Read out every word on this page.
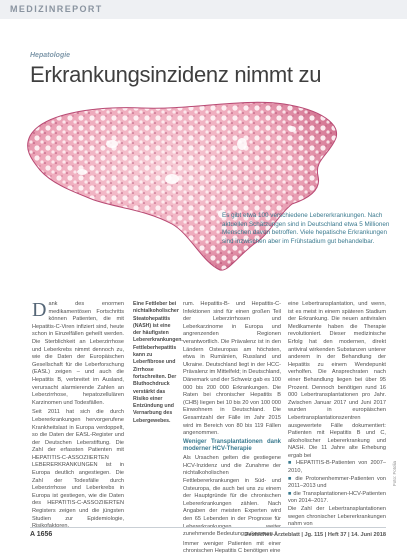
MEDIZINREPORT
Hepatologie
Erkrankungsinzidenz nimmt zu
Es gibt etwa 100 verschiedene Lebererkrankungen. Nach aktuellen Schätzungen sind in Deutschland etwa 5 Millionen Menschen davon betroffen. Viele hepatische Erkrankungen sind inzwischen aber im Frühstadium gut behandelbar.
D ank des enormen medikamentösen Fortschritts können Patienten, die mit Hepatitis-C-Viren infiziert sind, heute schon in Einzelfällen geheilt werden. Die Sterblichkeit an Leberzirrhose und Leberkrebs nimmt dennoch zu, wie die Daten der Europäischen Gesellschaft für die Leberforschung (EASL) zeigen – und auch die Hepatitis B, verbreitet im Ausland, verursacht alarmierende Zahlen an Leberzirrhose, hepatozellulären Karzinomen und Todesfällen.
Seit 2011 hat sich die durch Lebererkrankungen hervorgerufene Krankheitslast in Europa verdoppelt, so die Daten der EASL-Register und der Deutschen Leberstiftung. Die Zahl der erfassten Patienten mit HEPATITIS-C-ASSOZIIERTEN LEBERERKRANKUNGEN ist in Europa deutlich angestiegen. Die Zahl der Todesfälle durch Leberzirrhose und Leberkrebs in Europa ist gestiegen, wie die Daten des HEPATITIS-C-ASSOZIIERTEN Registers zeigen und die jüngsten Studien zur Epidemiologie, Risikofaktoren.
Eine Fettleber bei nichtalkoholischer Steatohepatitis (NASH) ist eine der häufigsten Lebererkrankungen. Fettleberhepatitis kann zu Leberfibrose und Zirrhose fortschreiten. Der Bluthochdruck verstärkt das Risiko einer Entzündung und Vernarbung des Lebergewebes.
rum. Hepatitis-B- und Hepatitis-C-Infektionen sind für einen großen Teil der Leberzirrhosen und Leberkarzinome in Europa und angrenzenden Regionen verantwortlich. Die Prävalenz ist in den Ländern Osteuropas am höchsten, etwa in Rumänien, Russland und Ukraine. Deutschland liegt in der HCC-Prävalenz im Mittelfeld; in Deutschland, Dänemark und der Schweiz gab es 100 000 bis 200 000 Erkrankungen. Die Raten bei chronischer Hepatitis B (CHB) liegen bei 10 bis 20 von 100 000 Einwohnern in Deutschland. Die Gesamtzahl der Fälle im Jahr 2015 wird im Bereich von 80 bis 119 Fällen angenommen.
Weniger Transplantationen dank moderner HCV-Therapie
Als Ursachen gelten die gestiegene HCV-Inzidenz und die Zunahme der nichtalkoholischen Fettlebererkrankungen in Süd- und Osteuropa, die auch bei uns zu einem der Hauptgründe für die chronischen Lebererkrankungen zählen. Nach Angaben der meisten Experten wird den 65 Lebenden in der Prognose für Lebererkrankungen weiter zunehmende Bedeutung zukommen.
Immer weniger Patienten mit einer chronischen Hepatitis C benötigen eine
eine Lebertransplantation, und wenn, ist es meist in einem späteren Stadium der Erkrankung. Die neuen antiviralen Medikamente haben die Therapie revolutioniert. Dieser medizinische Erfolg hat den modernen, direkt antiviral wirkenden Substanzen unterer anderem in der Behandlung der Hepatitis zu einem Wendepunkt verholfen. Die Ansprechraten nach einer Behandlung liegen bei über 95 Prozent. Dennoch benötigen rund 16 000 Lebertransplantationen pro Jahr. Zwischen Januar 2017 und Juni 2017 wurden in europäischen Lebertransplantationszentren ausgewertete Fälle dokumentiert: Patienten mit Hepatitis B und C, alkoholischer Lebererkrankung und NASH. Die 11 Jahre alte Erhebung ergab bei
■ HEPATITIS-B-Patienten von 2007–2010,
■ die Protonenhemmer-Patienten von 2011–2013 und
■ die Transplantationen-HCV-Patienten von 2014–2017.
Die Zahl der Lebertransplantationen wegen chronischer Lebererkrankungen nahm von
Foto: Fotolia
A 1656	Deutsches Ärzteblatt | Jg. 115 | Heft 37 | 14. Juni 2018
